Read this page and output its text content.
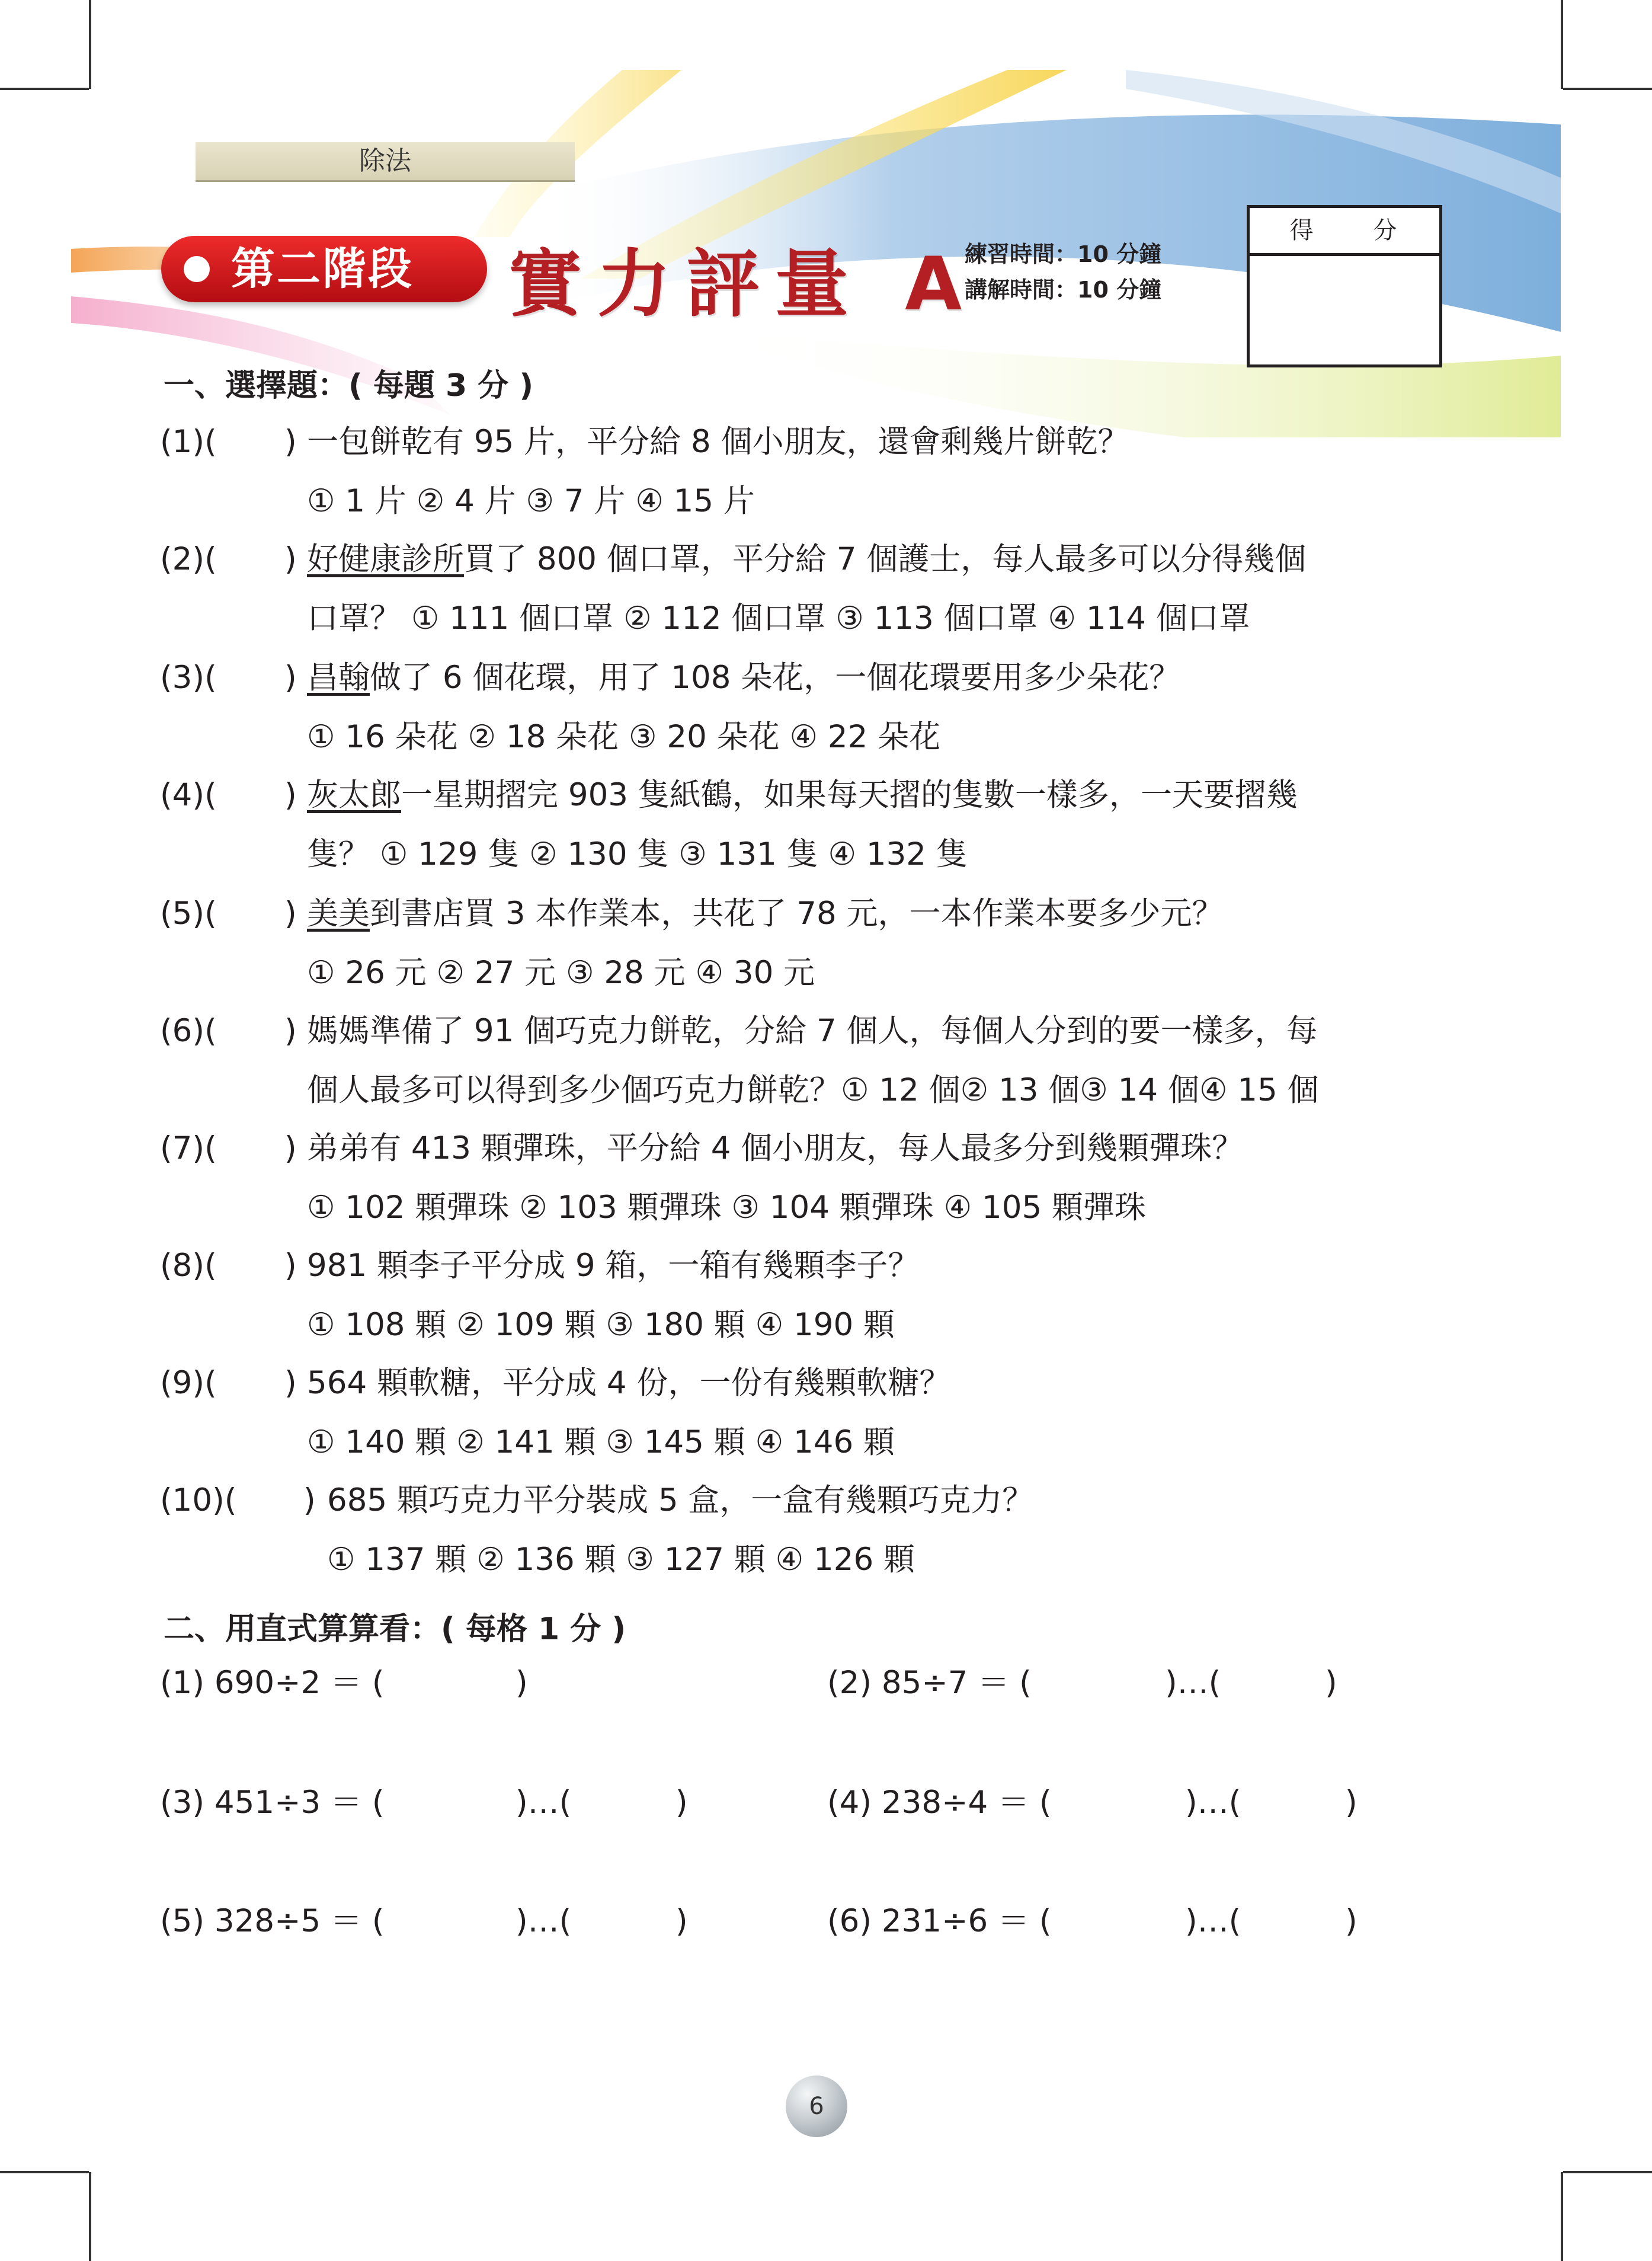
除法
第二階段 實力評量 A
練習時間：10 分鐘
講解時間：10 分鐘
得 分
一、選擇題：( 每題 3 分 )
(1)( ) 一包餅乾有 95 片，平分給 8 個小朋友，還會剩幾片餅乾？
① 1 片 ② 4 片 ③ 7 片 ④ 15 片
(2)( ) 好健康診所買了 800 個口罩，平分給 7 個護士，每人最多可以分得幾個
口罩？ ① 111 個口罩 ② 112 個口罩 ③ 113 個口罩 ④ 114 個口罩
(3)( ) 昌翰做了 6 個花環，用了 108 朵花，一個花環要用多少朵花？
① 16 朵花 ② 18 朵花 ③ 20 朵花 ④ 22 朵花
(4)( ) 灰太郎一星期摺完 903 隻紙鶴，如果每天摺的隻數一樣多，一天要摺幾
隻？ ① 129 隻 ② 130 隻 ③ 131 隻 ④ 132 隻
(5)( ) 美美到書店買 3 本作業本，共花了 78 元，一本作業本要多少元？
① 26 元 ② 27 元 ③ 28 元 ④ 30 元
(6)( ) 媽媽準備了 91 個巧克力餅乾，分給 7 個人，每個人分到的要一樣多，每
個人最多可以得到多少個巧克力餅乾？① 12 個② 13 個③ 14 個④ 15 個
(7)( ) 弟弟有 413 顆彈珠，平分給 4 個小朋友，每人最多分到幾顆彈珠？
① 102 顆彈珠 ② 103 顆彈珠 ③ 104 顆彈珠 ④ 105 顆彈珠
(8)( ) 981 顆李子平分成 9 箱，一箱有幾顆李子？
① 108 顆 ② 109 顆 ③ 180 顆 ④ 190 顆
(9)( ) 564 顆軟糖，平分成 4 份，一份有幾顆軟糖？
① 140 顆 ② 141 顆 ③ 145 顆 ④ 146 顆
(10)( ) 685 顆巧克力平分裝成 5 盒，一盒有幾顆巧克力？
① 137 顆 ② 136 顆 ③ 127 顆 ④ 126 顆
二、用直式算算看：( 每格 1 分 )
(1) 690÷2 ＝ (	)	(2) 85÷7 ＝ (	)…(	)
(3) 451÷3 ＝ (	)…(	)	(4) 238÷4 ＝ (	)…(	)
(5) 328÷5 ＝ (	)…(	)	(6) 231÷6 ＝ (	)…(	)
6
